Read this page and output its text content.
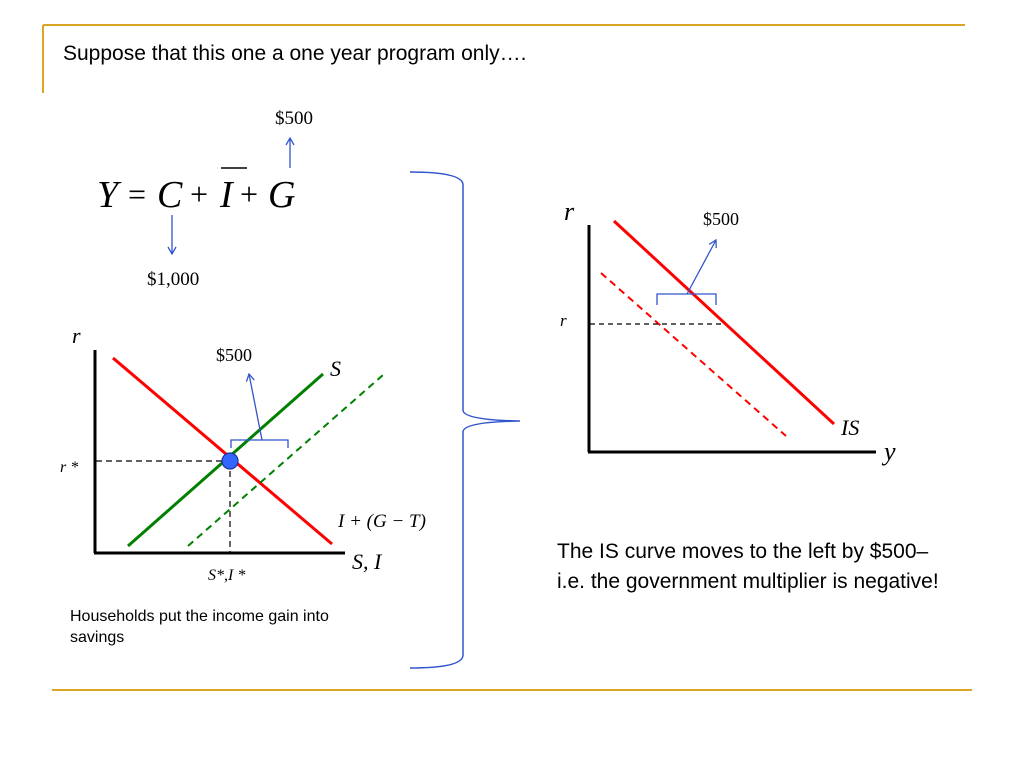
Suppose that this one a one year program only….
Y = C + I + G
$500
$1,000
r
S, I
S
I + (G − T)
r *
S*,I *
$500
r
y
IS
r
$500
Households put the income gain into savings
The IS curve moves to the left by $500– i.e. the government multiplier is negative!
